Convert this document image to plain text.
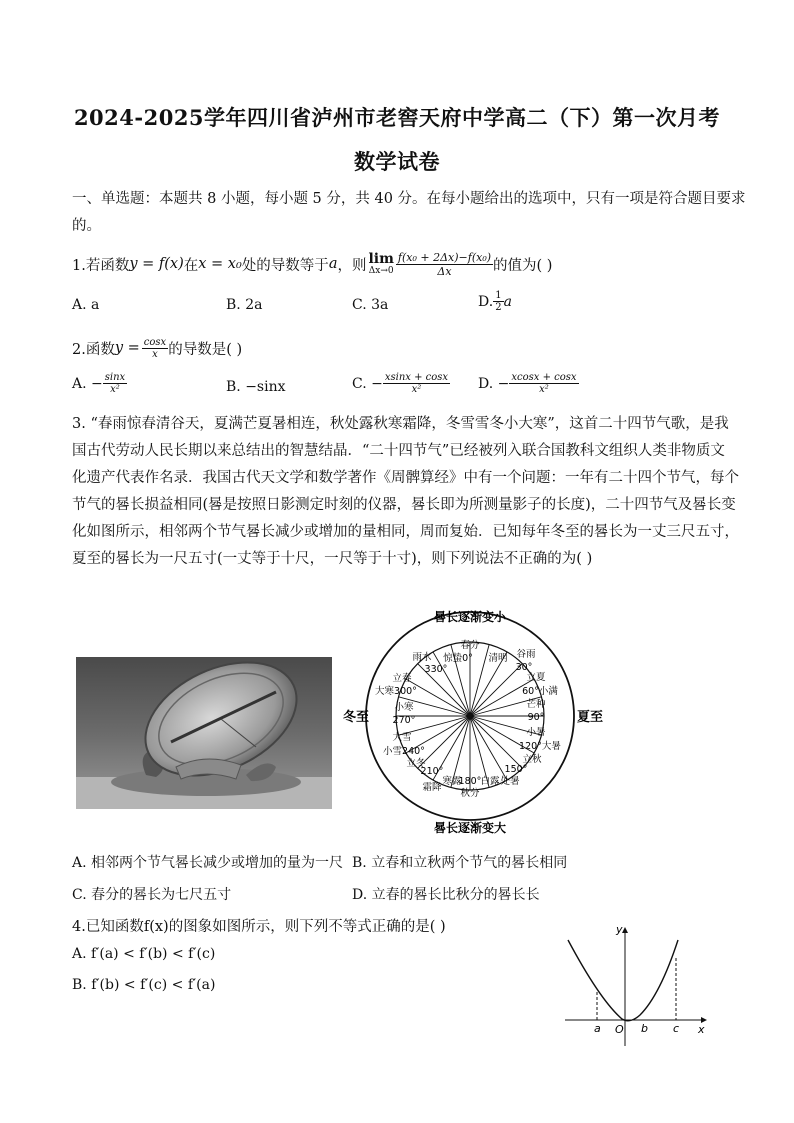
2024-2025学年四川省泸州市老窖天府中学高二（下）第一次月考
数学试卷
一、单选题：本题共 8 小题，每小题 5 分，共 40 分。在每小题给出的选项中，只有一项是符合题目要求
的。
1.若函数 y = f(x) 在 x = x₀ 处的导数等于 a ，则 lim
$\Delta x\to 0 \frac{\text{f(x₀ + 2Δx)−f(x₀)}}{\Delta x}$ 的值为( )
A. a	B. 2a	C. 3a	D. $\frac{1}{2}$ a
2.函数 $y = \frac{\cos x}{x}$ 的导数是( )
A. − $\frac{\sin x}{\text{x²}}$	B. −sinx	C. − $\frac{xsinx + \cos x}{\text{x²}} D$. − $\frac{xcosx + \cos x}{\text{x²}}$
3. “春雨惊春清谷天，夏满芒夏暑相连，秋处露秋寒霜降，冬雪雪冬小大寒”，这首二十四节气歌，是我
国古代劳动人民长期以来总结出的智慧结晶．“二十四节气”已经被列入联合国教科文组织人类非物质文
化遗产代表作名录．我国古代天文学和数学著作《周髀算经》中有一个问题：一年有二十四个节气，每个
节气的晷长损益相同(晷是按照日影测定时刻的仪器，晷长即为所测量影子的长度)，二十四节气及晷长变
化如图所示，相邻两个节气晷长减少或增加的量相同，周而复始．已知每年冬至的晷长为一丈三尺五寸，
夏至的晷长为一尺五寸(一丈等于十尺，一尺等于十寸)，则下列说法不正确的为( )
晷长逐渐变小
晷长逐渐变大
冬至	夏至
春分
惊蛰0° 清明 谷雨
30°
立夏
60°小满
芒种
90°
小暑
120°大暑
立秋
150°
处暑
白露
180°
秋分
寒露
霜降
210°
立冬
小雪240°
大雪
270°
小寒
大寒300°
立春
330°
雨水
A. 相邻两个节气晷长减少或增加的量为一尺 B. 立春和立秋两个节气的晷长相同
C. 春分的晷长为七尺五寸	D. 立春的晷长比秋分的晷长长
4.已知函数f(x)的图象如图所示，则下列不等式正确的是( )
A. f′(a) < f′(b) < f′(c)
B. f′(b) < f′(c) < f′(a)
y
x
O
a	b c
